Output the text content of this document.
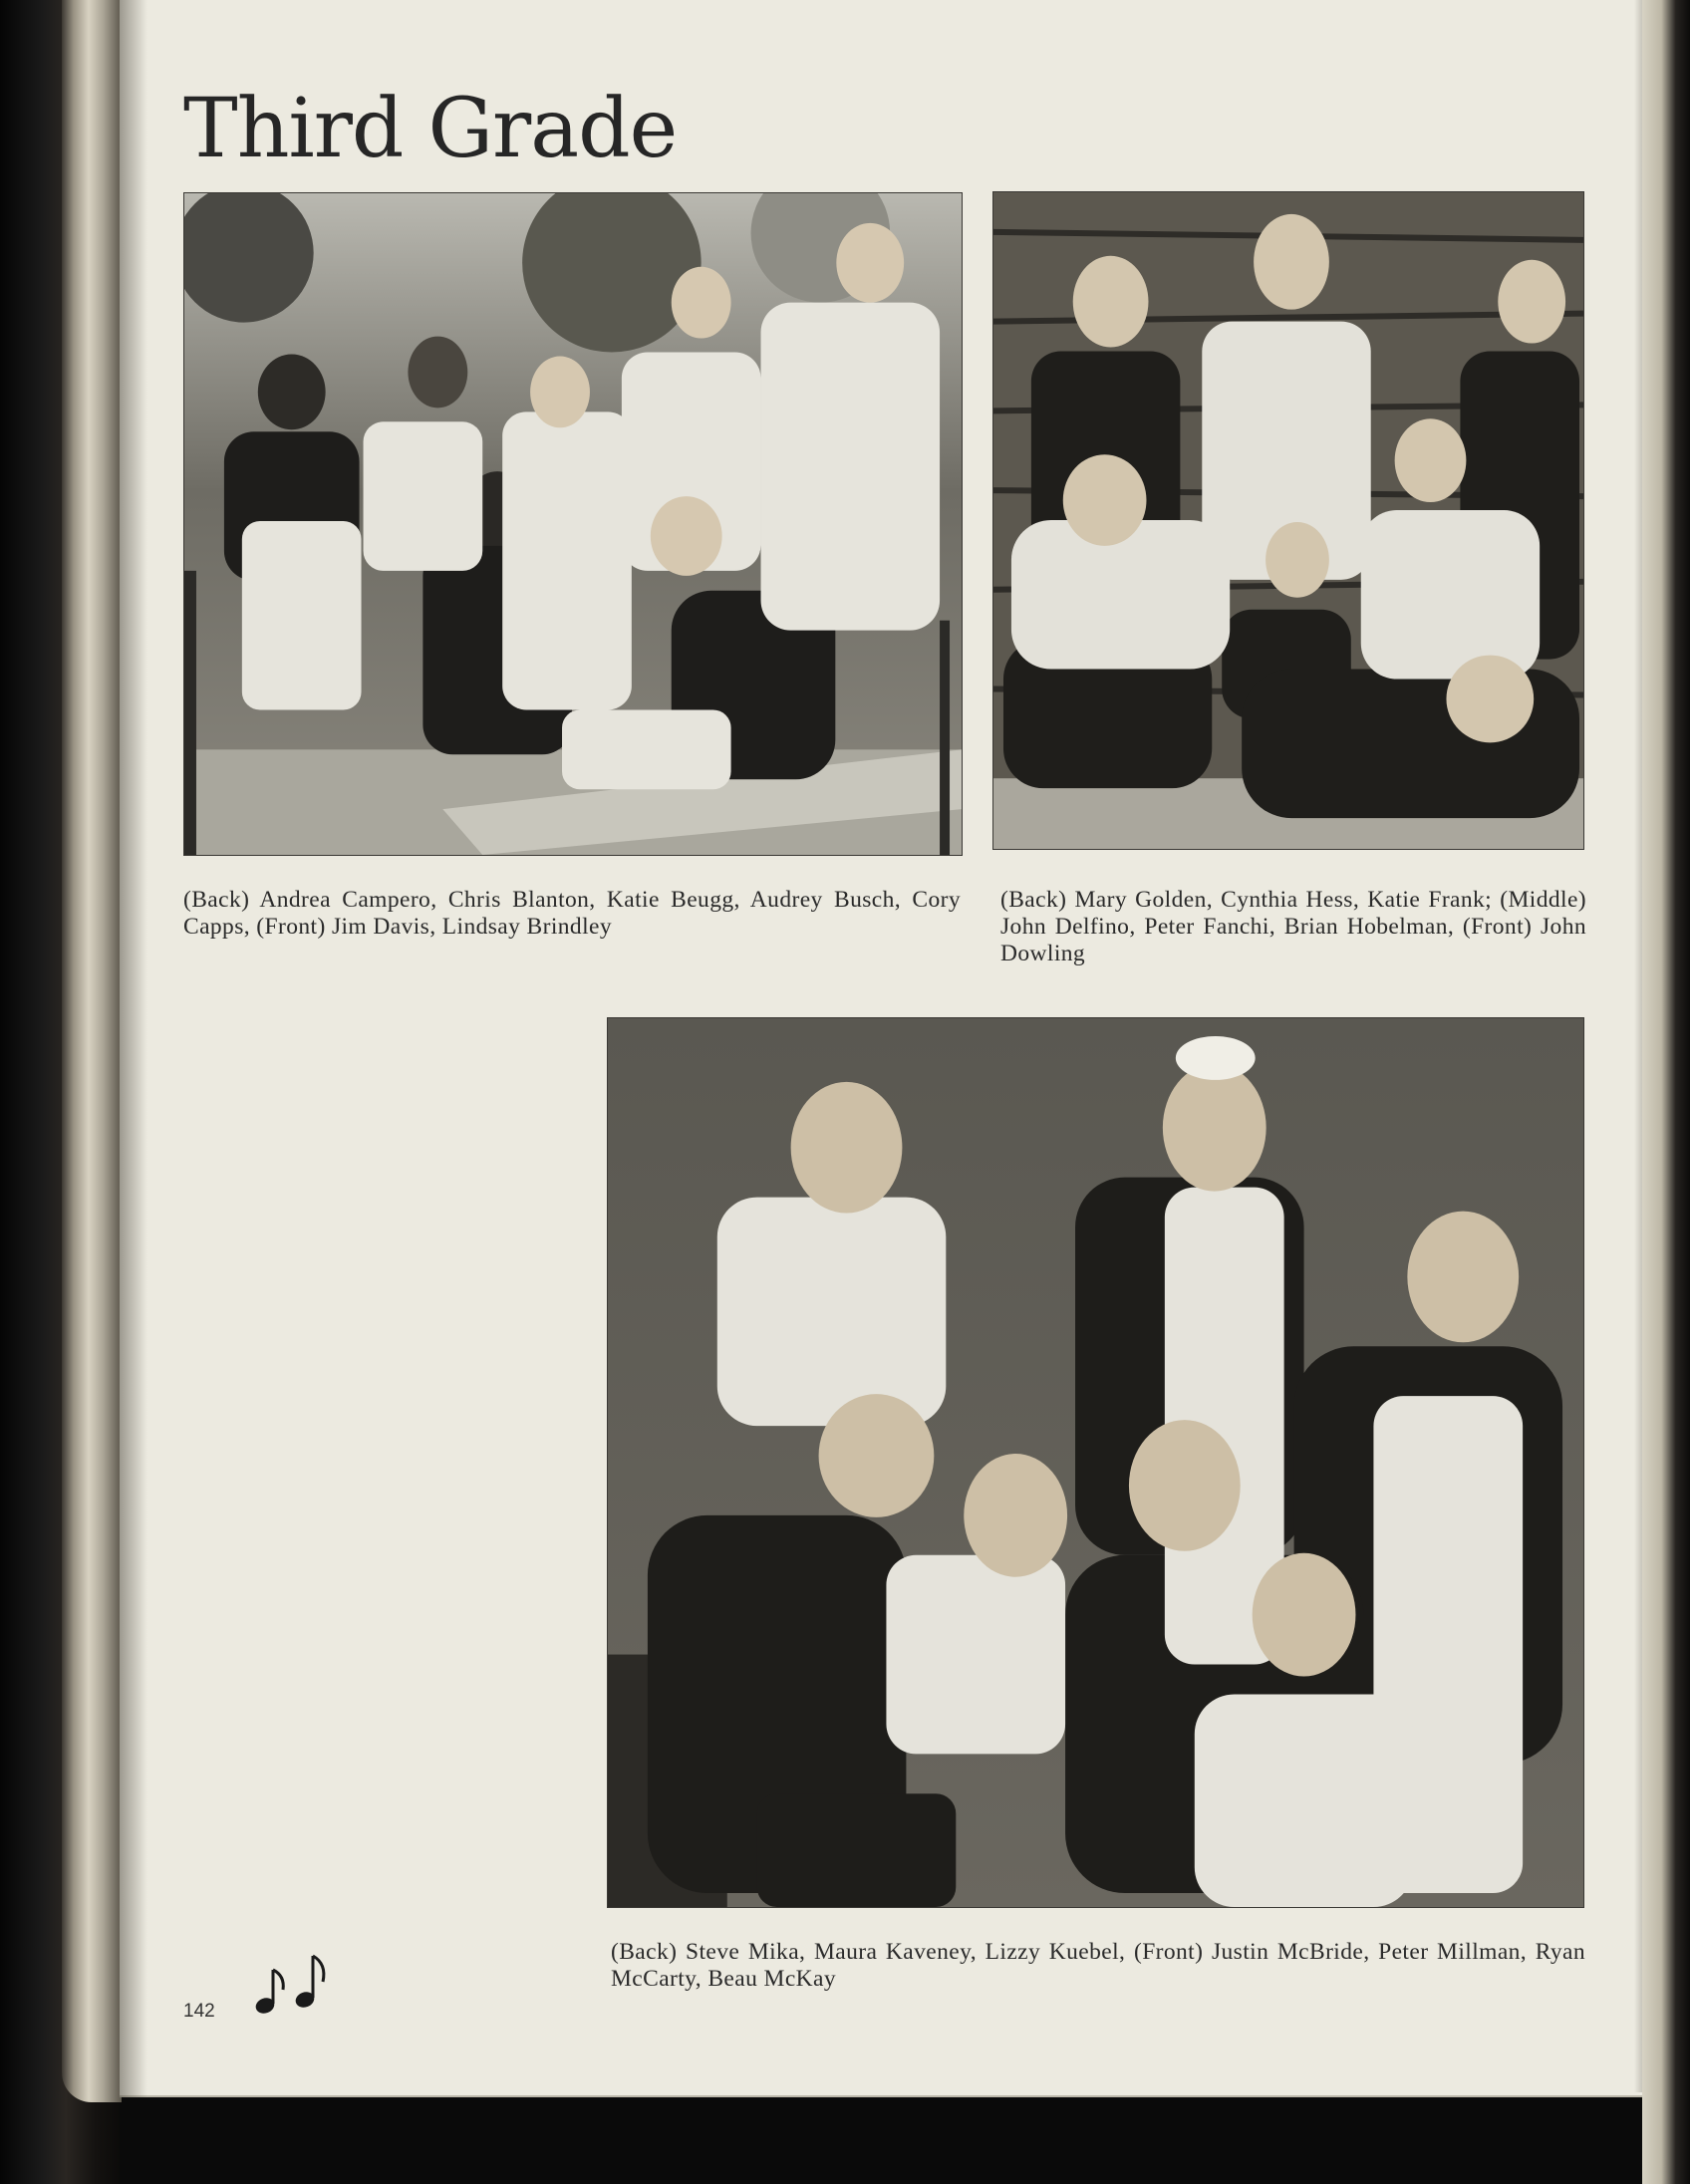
Third Grade

(Back) Andrea Campero, Chris Blanton, Katie Beugg, Audrey Busch, Cory Capps, (Front) Jim Davis, Lindsay Brindley

(Back) Mary Golden, Cynthia Hess, Katie Frank; (Middle) John Delfino, Peter Fanchi, Brian Hobelman, (Front) John Dowling

(Back) Steve Mika, Maura Kaveney, Lizzy Kuebel, (Front) Justin McBride, Peter Millman, Ryan McCarty, Beau McKay

142
